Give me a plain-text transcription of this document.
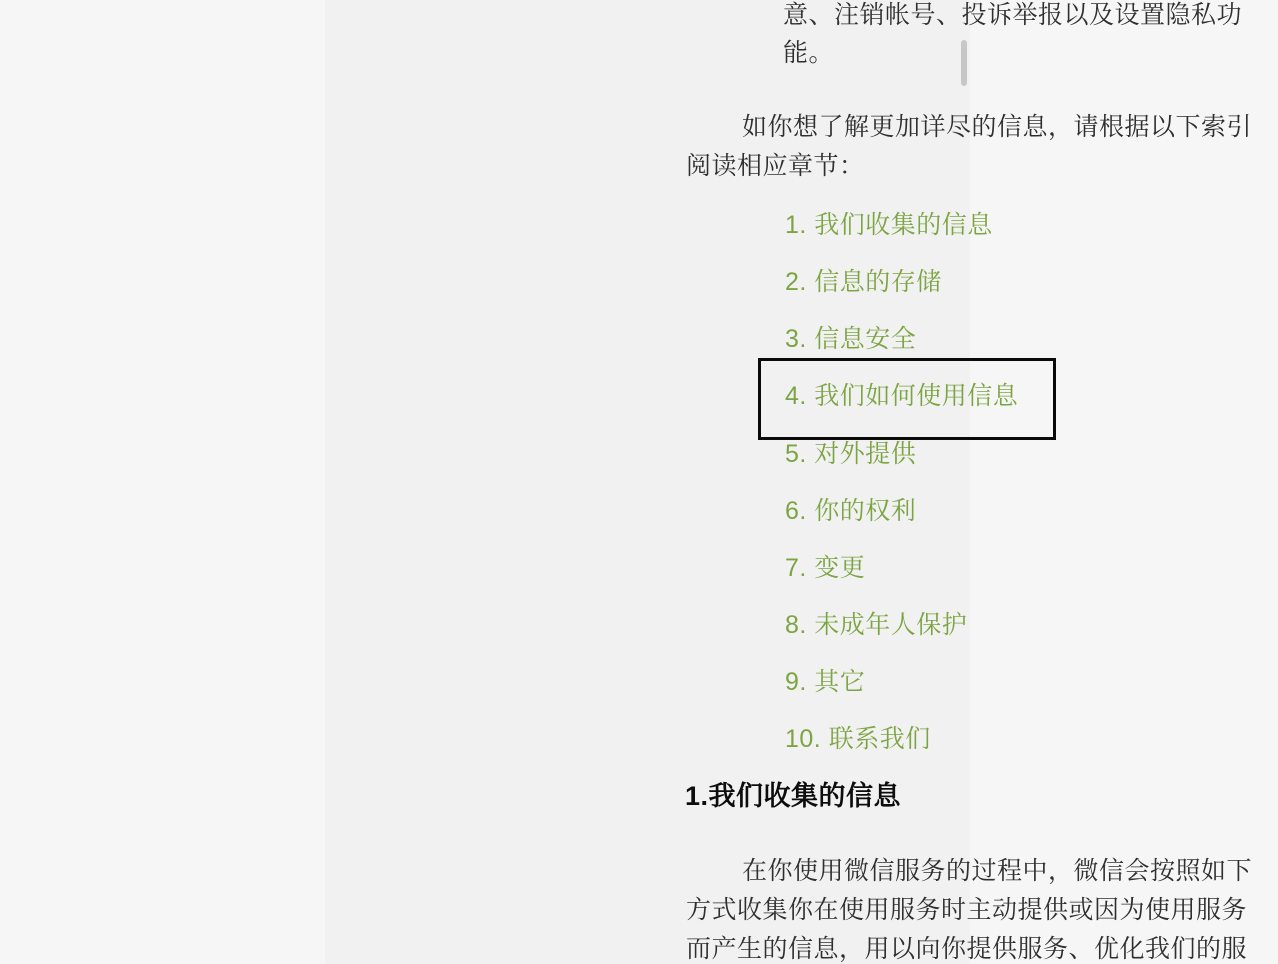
意、注销帐号、投诉举报以及设置隐私功
能。
如你想了解更加详尽的信息，请根据以下索引
阅读相应章节：
1. 我们收集的信息
2. 信息的存储
3. 信息安全
4. 我们如何使用信息
5. 对外提供
6. 你的权利
7. 变更
8. 未成年人保护
9. 其它
10. 联系我们
1.我们收集的信息
在你使用微信服务的过程中，微信会按照如下
方式收集你在使用服务时主动提供或因为使用服务
而产生的信息，用以向你提供服务、优化我们的服
